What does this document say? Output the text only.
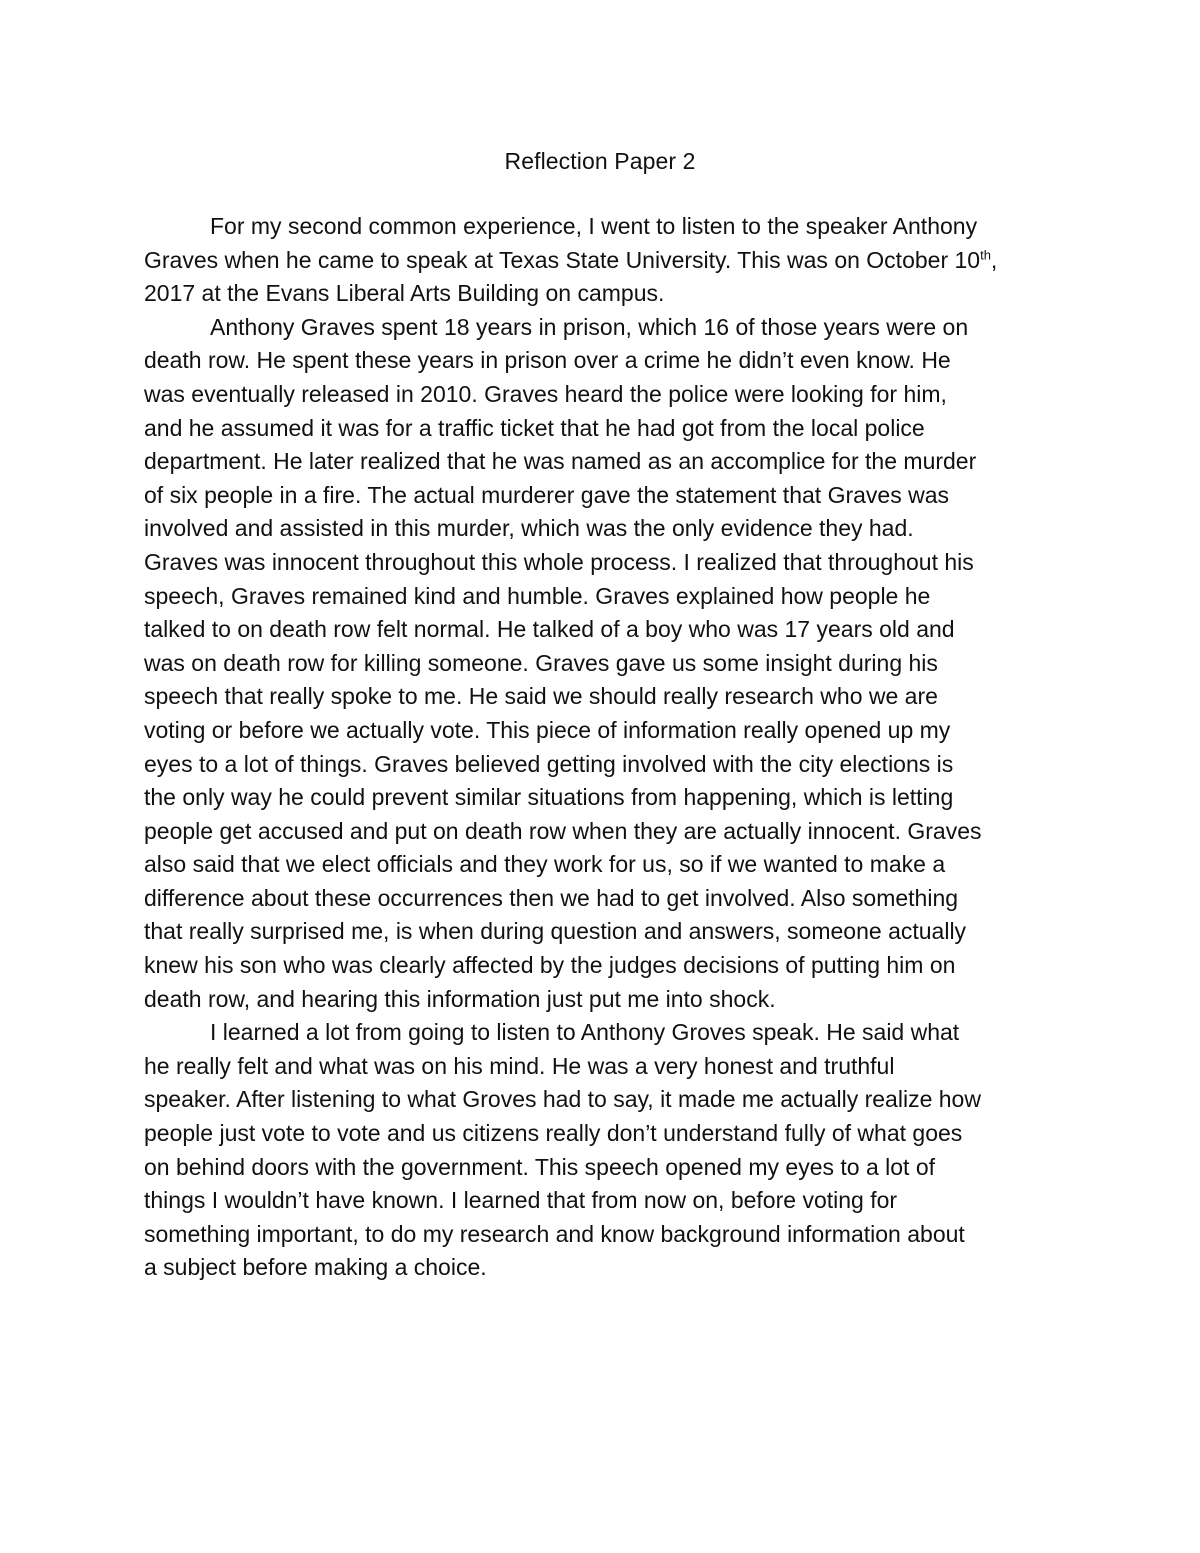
Reflection Paper 2
For my second common experience, I went to listen to the speaker Anthony
Graves when he came to speak at Texas State University. This was on October 10th,
2017 at the Evans Liberal Arts Building on campus.
Anthony Graves spent 18 years in prison, which 16 of those years were on
death row. He spent these years in prison over a crime he didn’t even know. He
was eventually released in 2010. Graves heard the police were looking for him,
and he assumed it was for a traffic ticket that he had got from the local police
department. He later realized that he was named as an accomplice for the murder
of six people in a fire. The actual murderer gave the statement that Graves was
involved and assisted in this murder, which was the only evidence they had.
Graves was innocent throughout this whole process. I realized that throughout his
speech, Graves remained kind and humble. Graves explained how people he
talked to on death row felt normal. He talked of a boy who was 17 years old and
was on death row for killing someone. Graves gave us some insight during his
speech that really spoke to me. He said we should really research who we are
voting or before we actually vote. This piece of information really opened up my
eyes to a lot of things. Graves believed getting involved with the city elections is
the only way he could prevent similar situations from happening, which is letting
people get accused and put on death row when they are actually innocent. Graves
also said that we elect officials and they work for us, so if we wanted to make a
difference about these occurrences then we had to get involved. Also something
that really surprised me, is when during question and answers, someone actually
knew his son who was clearly affected by the judges decisions of putting him on
death row, and hearing this information just put me into shock.
I learned a lot from going to listen to Anthony Groves speak. He said what
he really felt and what was on his mind. He was a very honest and truthful
speaker. After listening to what Groves had to say, it made me actually realize how
people just vote to vote and us citizens really don’t understand fully of what goes
on behind doors with the government. This speech opened my eyes to a lot of
things I wouldn’t have known. I learned that from now on, before voting for
something important, to do my research and know background information about
a subject before making a choice.
